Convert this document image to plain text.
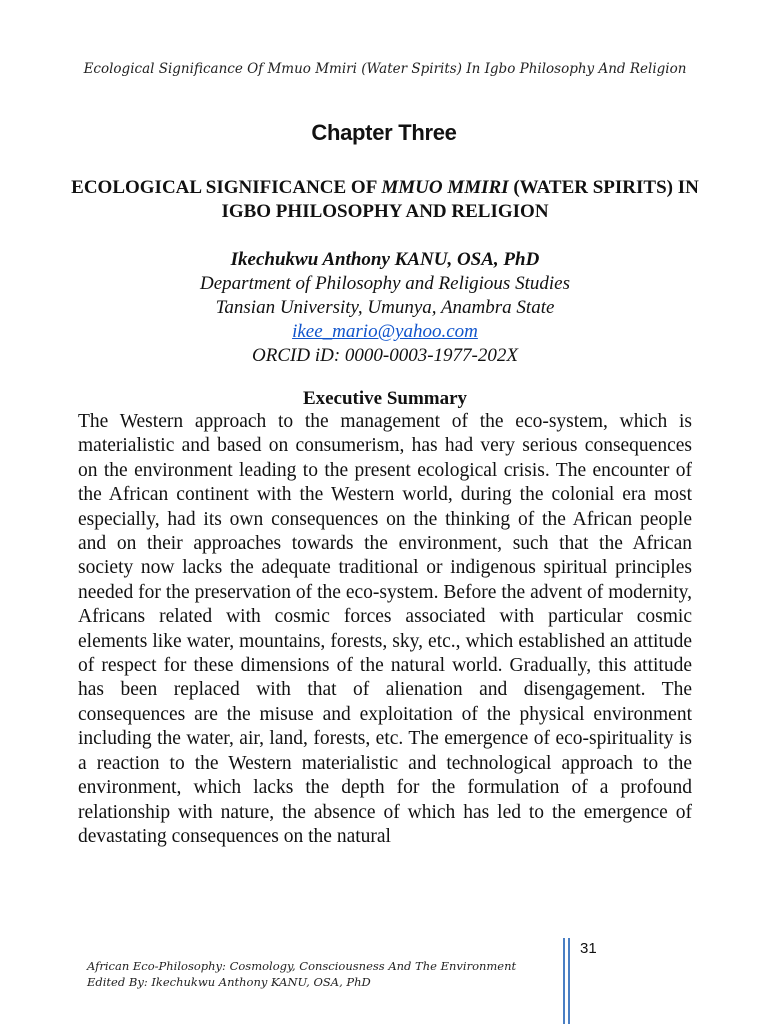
Ecological Significance Of Mmuo Mmiri (Water Spirits) In Igbo Philosophy And Religion
Chapter Three
ECOLOGICAL SIGNIFICANCE OF MMUO MMIRI (WATER SPIRITS) IN IGBO PHILOSOPHY AND RELIGION
Ikechukwu Anthony KANU, OSA, PhD
Department of Philosophy and Religious Studies
Tansian University, Umunya, Anambra State
ikee_mario@yahoo.com
ORCID iD: 0000-0003-1977-202X
Executive Summary

The Western approach to the management of the eco-system, which is materialistic and based on consumerism, has had very serious consequences on the environment leading to the present ecological crisis. The encounter of the African continent with the Western world, during the colonial era most especially, had its own consequences on the thinking of the African people and on their approaches towards the environment, such that the African society now lacks the adequate traditional or indigenous spiritual principles needed for the preservation of the eco-system. Before the advent of modernity, Africans related with cosmic forces associated with particular cosmic elements like water, mountains, forests, sky, etc., which established an attitude of respect for these dimensions of the natural world. Gradually, this attitude has been replaced with that of alienation and disengagement. The consequences are the misuse and exploitation of the physical environment including the water, air, land, forests, etc. The emergence of eco-spirituality is a reaction to the Western materialistic and technological approach to the environment, which lacks the depth for the formulation of a profound relationship with nature, the absence of which has led to the emergence of devastating consequences on the natural

31
African Eco-Philosophy: Cosmology, Consciousness And The Environment
Edited By: Ikechukwu Anthony KANU, OSA, PhD
